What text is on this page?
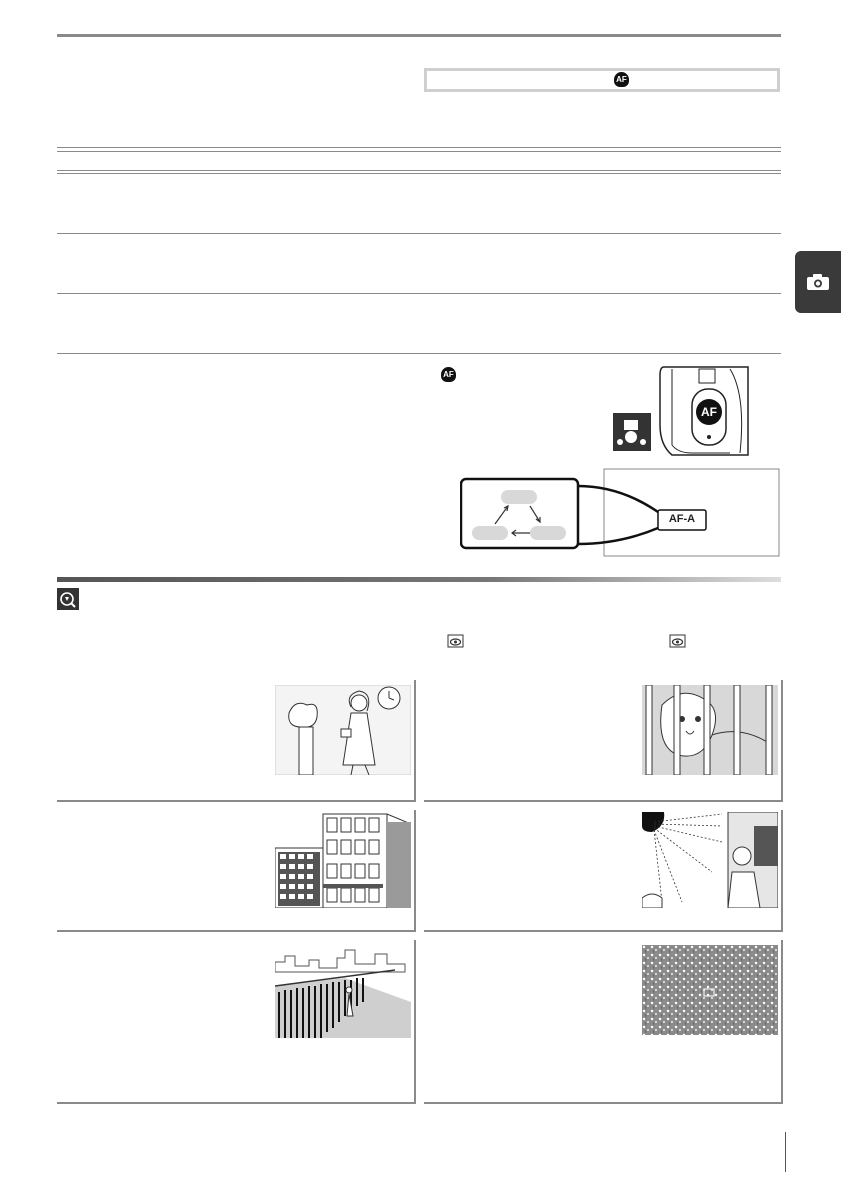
AF
AF
AF
AF-A
